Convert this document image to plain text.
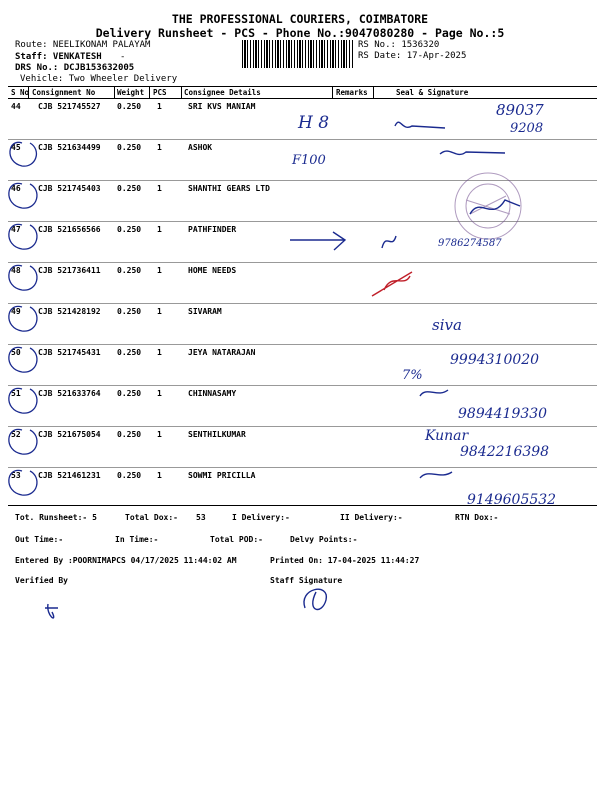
THE PROFESSIONAL COURIERS, COIMBATORE
Delivery Runsheet - PCS - Phone No.:9047080280 - Page No.:5
Route: NEELIKONAM PALAYAM
Staff: VENKATESH -
DRS No.: DCJB153632005
Vehicle: Two Wheeler Delivery
RS No.: 1536320
RS Date: 17-Apr-2025
S No Consignment No	Weight PCS Consignee Details	Remarks	Seal & Signature
44 CJB 521745527 0.250 1	SRI KVS MANIAM
45 CJB 521634499 0.250 1	ASHOK
46 CJB 521745403 0.250 1	SHANTHI GEARS LTD
47 CJB 521656566 0.250 1	PATHFINDER
48 CJB 521736411 0.250 1	HOME NEEDS
49 CJB 521428192 0.250 1	SIVARAM
50 CJB 521745431 0.250 1	JEYA NATARAJAN
51 CJB 521633764 0.250 1	CHINNASAMY
52 CJB 521675054 0.250 1	SENTHILKUMAR
53 CJB 521461231 0.250 1	SOWMI PRICILLA
H 8
89037
9208
F100
9786274587
siva
7%
9994310020
9894419330
Kunar
9842216398
9149605532
Tot. Runsheet:- 5	Total Dox:- 53	I Delivery:-	II Delivery:-	RTN Dox:-
Out Time:-	In Time:-	Total POD:-	Delvy Points:-
Entered By :POORNIMAPCS 04/17/2025 11:44:02 AM	Printed On: 17-04-2025 11:44:27
Verified By	Staff Signature
